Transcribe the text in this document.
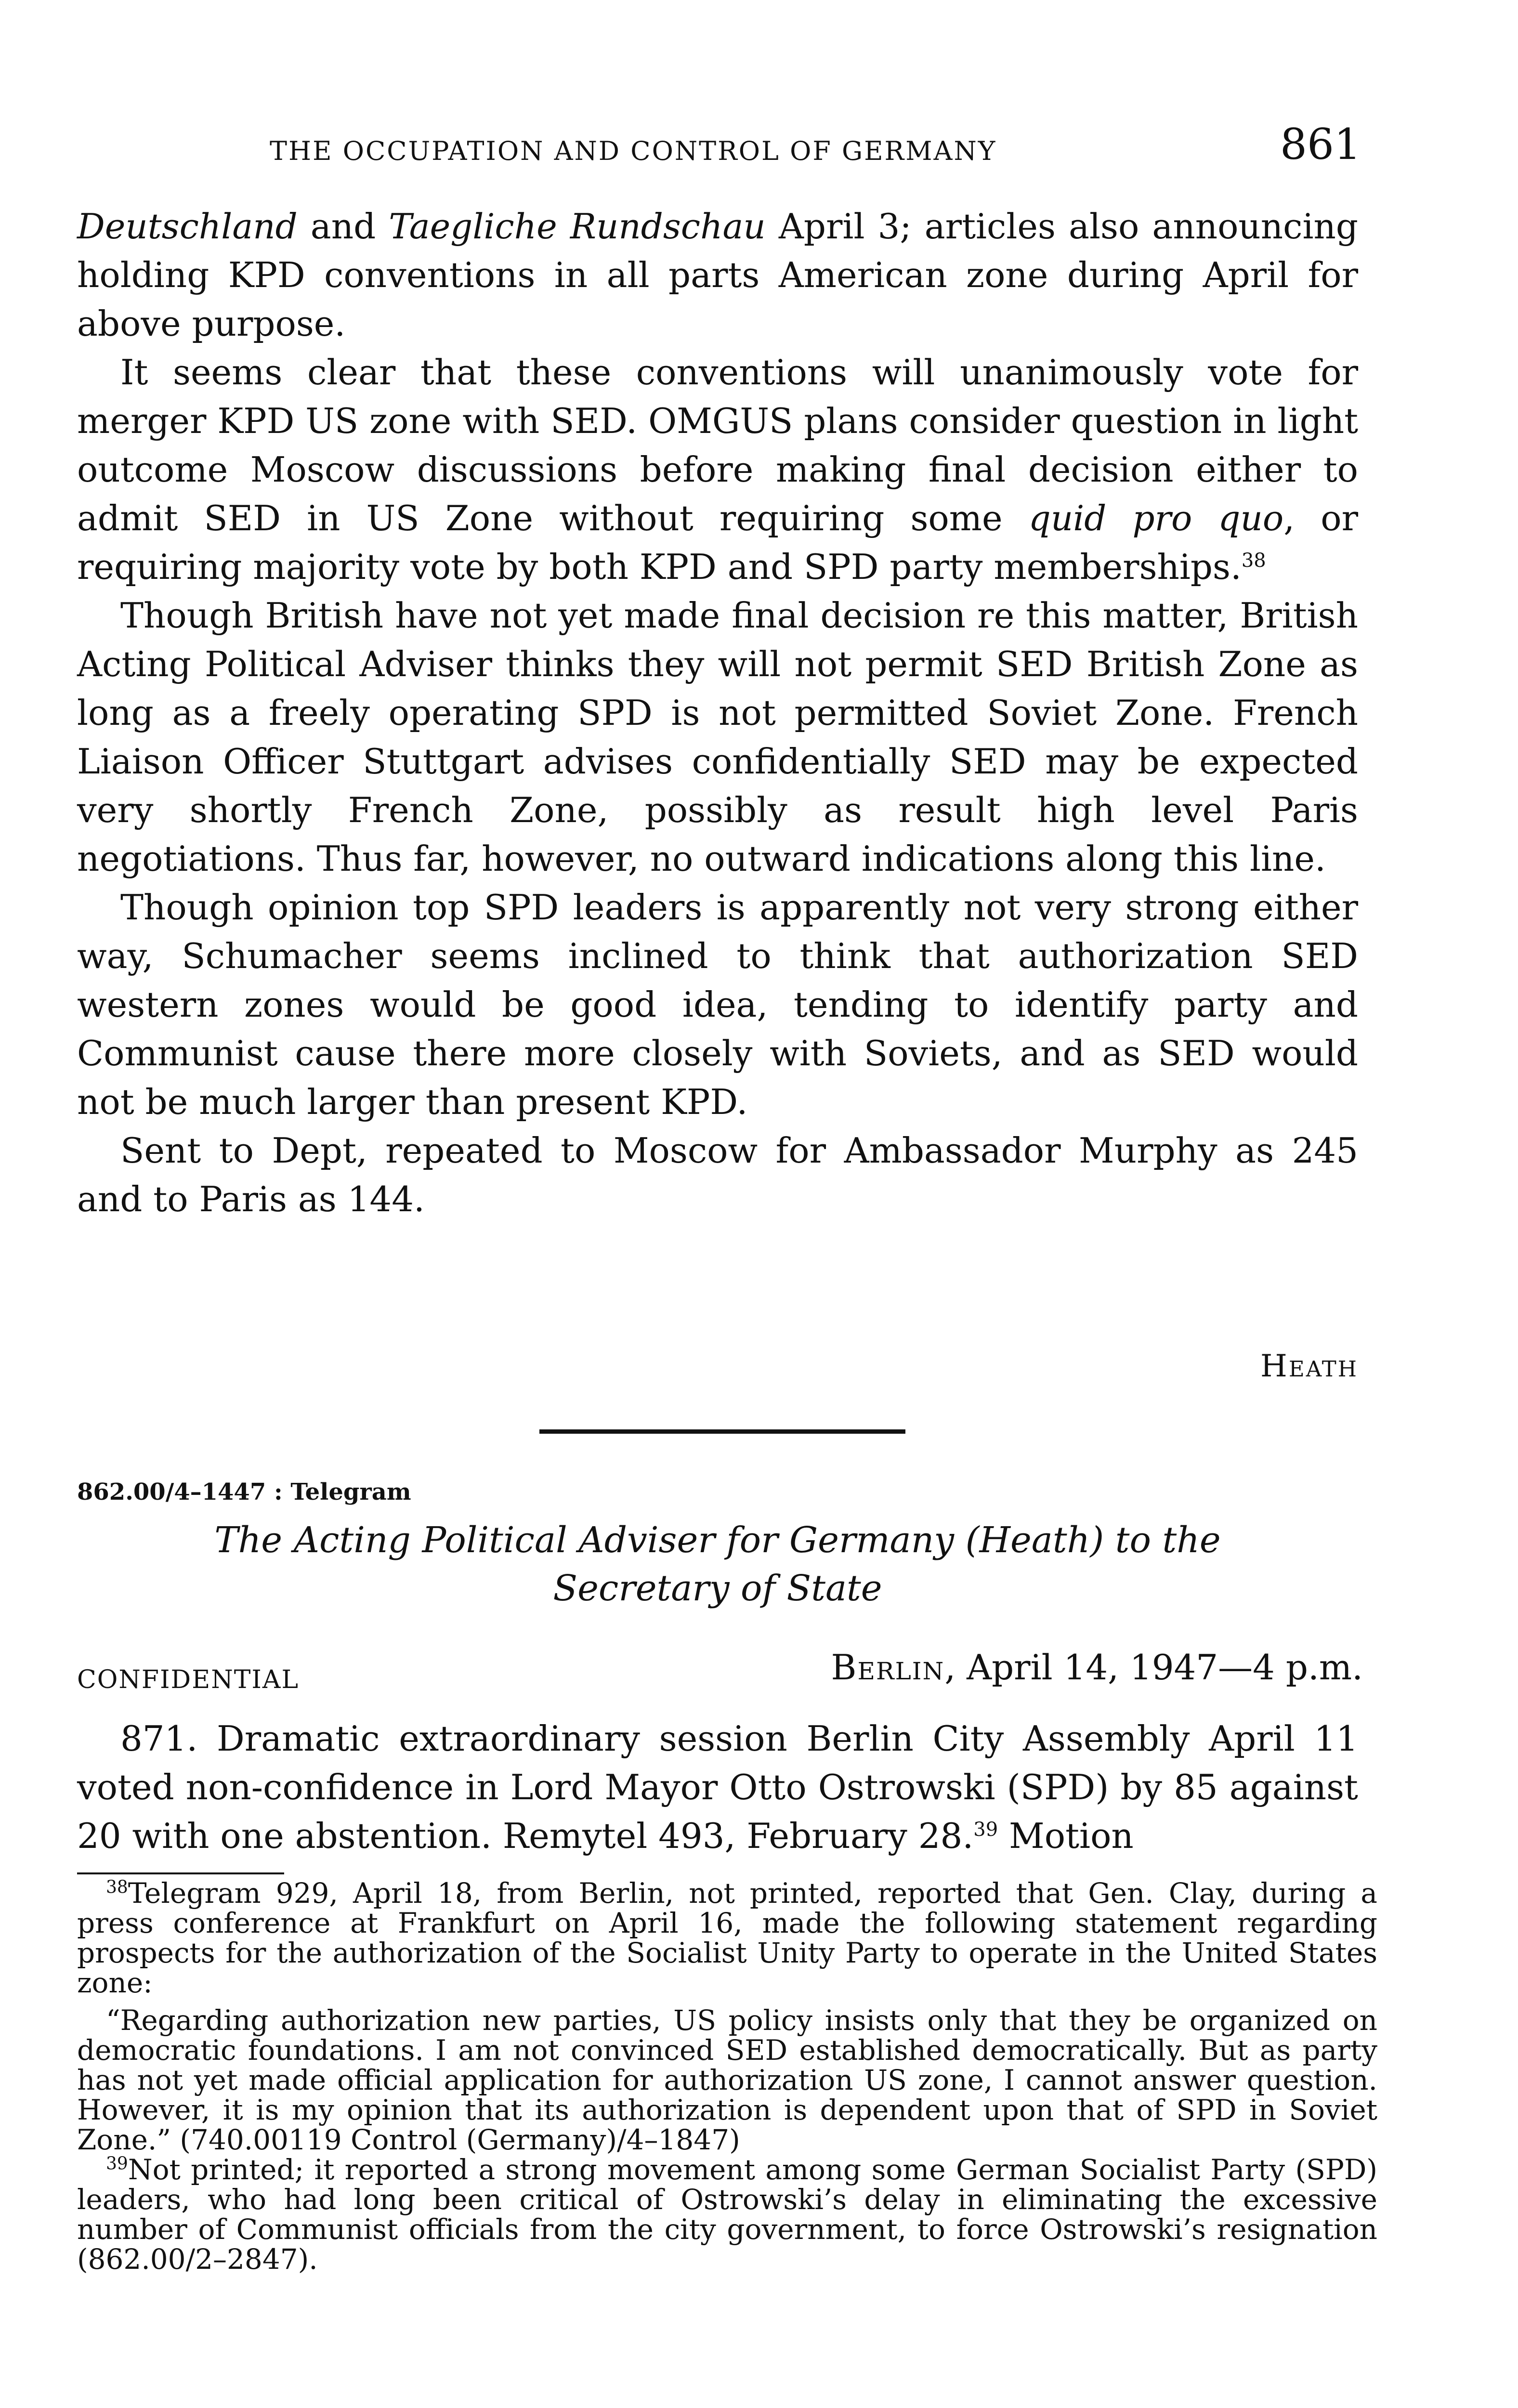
THE OCCUPATION AND CONTROL OF GERMANY	861

Deutschland and Taegliche Rundschau April 3; articles also announcing holding KPD conventions in all parts American zone during April for above purpose.

It seems clear that these conventions will unanimously vote for merger KPD US zone with SED. OMGUS plans consider question in light outcome Moscow discussions before making final decision either to admit SED in US Zone without requiring some quid pro quo, or requiring majority vote by both KPD and SPD party memberships.$^{38}$

Though British have not yet made final decision re this matter, British Acting Political Adviser thinks they will not permit SED British Zone as long as a freely operating SPD is not permitted Soviet Zone. French Liaison Officer Stuttgart advises confidentially SED may be expected very shortly French Zone, possibly as result high level Paris negotiations. Thus far, however, no outward indications along this line.

Though opinion top SPD leaders is apparently not very strong either way, Schumacher seems inclined to think that authorization SED western zones would be good idea, tending to identify party and Communist cause there more closely with Soviets, and as SED would not be much larger than present KPD.

Sent to Dept, repeated to Moscow for Ambassador Murphy as 245 and to Paris as 144.

Heath
862.00/4–1447 : Telegram
The Acting Political Adviser for Germany (Heath) to the
Secretary of State
CONFIDENTIAL	Berlin, April 14, 1947—4 p.m.

871. Dramatic extraordinary session Berlin City Assembly April 11 voted non-confidence in Lord Mayor Otto Ostrowski (SPD) by 85 against 20 with one abstention. Remytel 493, February 28.39 Motion

$^{38}$Telegram 929, April 18, from Berlin, not printed, reported that Gen. Clay, during a press conference at Frankfurt on April 16, made the following statement regarding prospects for the authorization of the Socialist Unity Party to operate in the United States zone:

“Regarding authorization new parties, US policy insists only that they be organized on democratic foundations. I am not convinced SED established democratically. But as party has not yet made official application for authorization US zone, I cannot answer question. However, it is my opinion that its authorization is dependent upon that of SPD in Soviet Zone.” (740.00119 Control (Germany)/4–1847)

$^{39}$Not printed; it reported a strong movement among some German Socialist Party (SPD) leaders, who had long been critical of Ostrowski’s delay in eliminating the excessive number of Communist officials from the city government, to force Ostrowski’s resignation (862.00/2–2847).
